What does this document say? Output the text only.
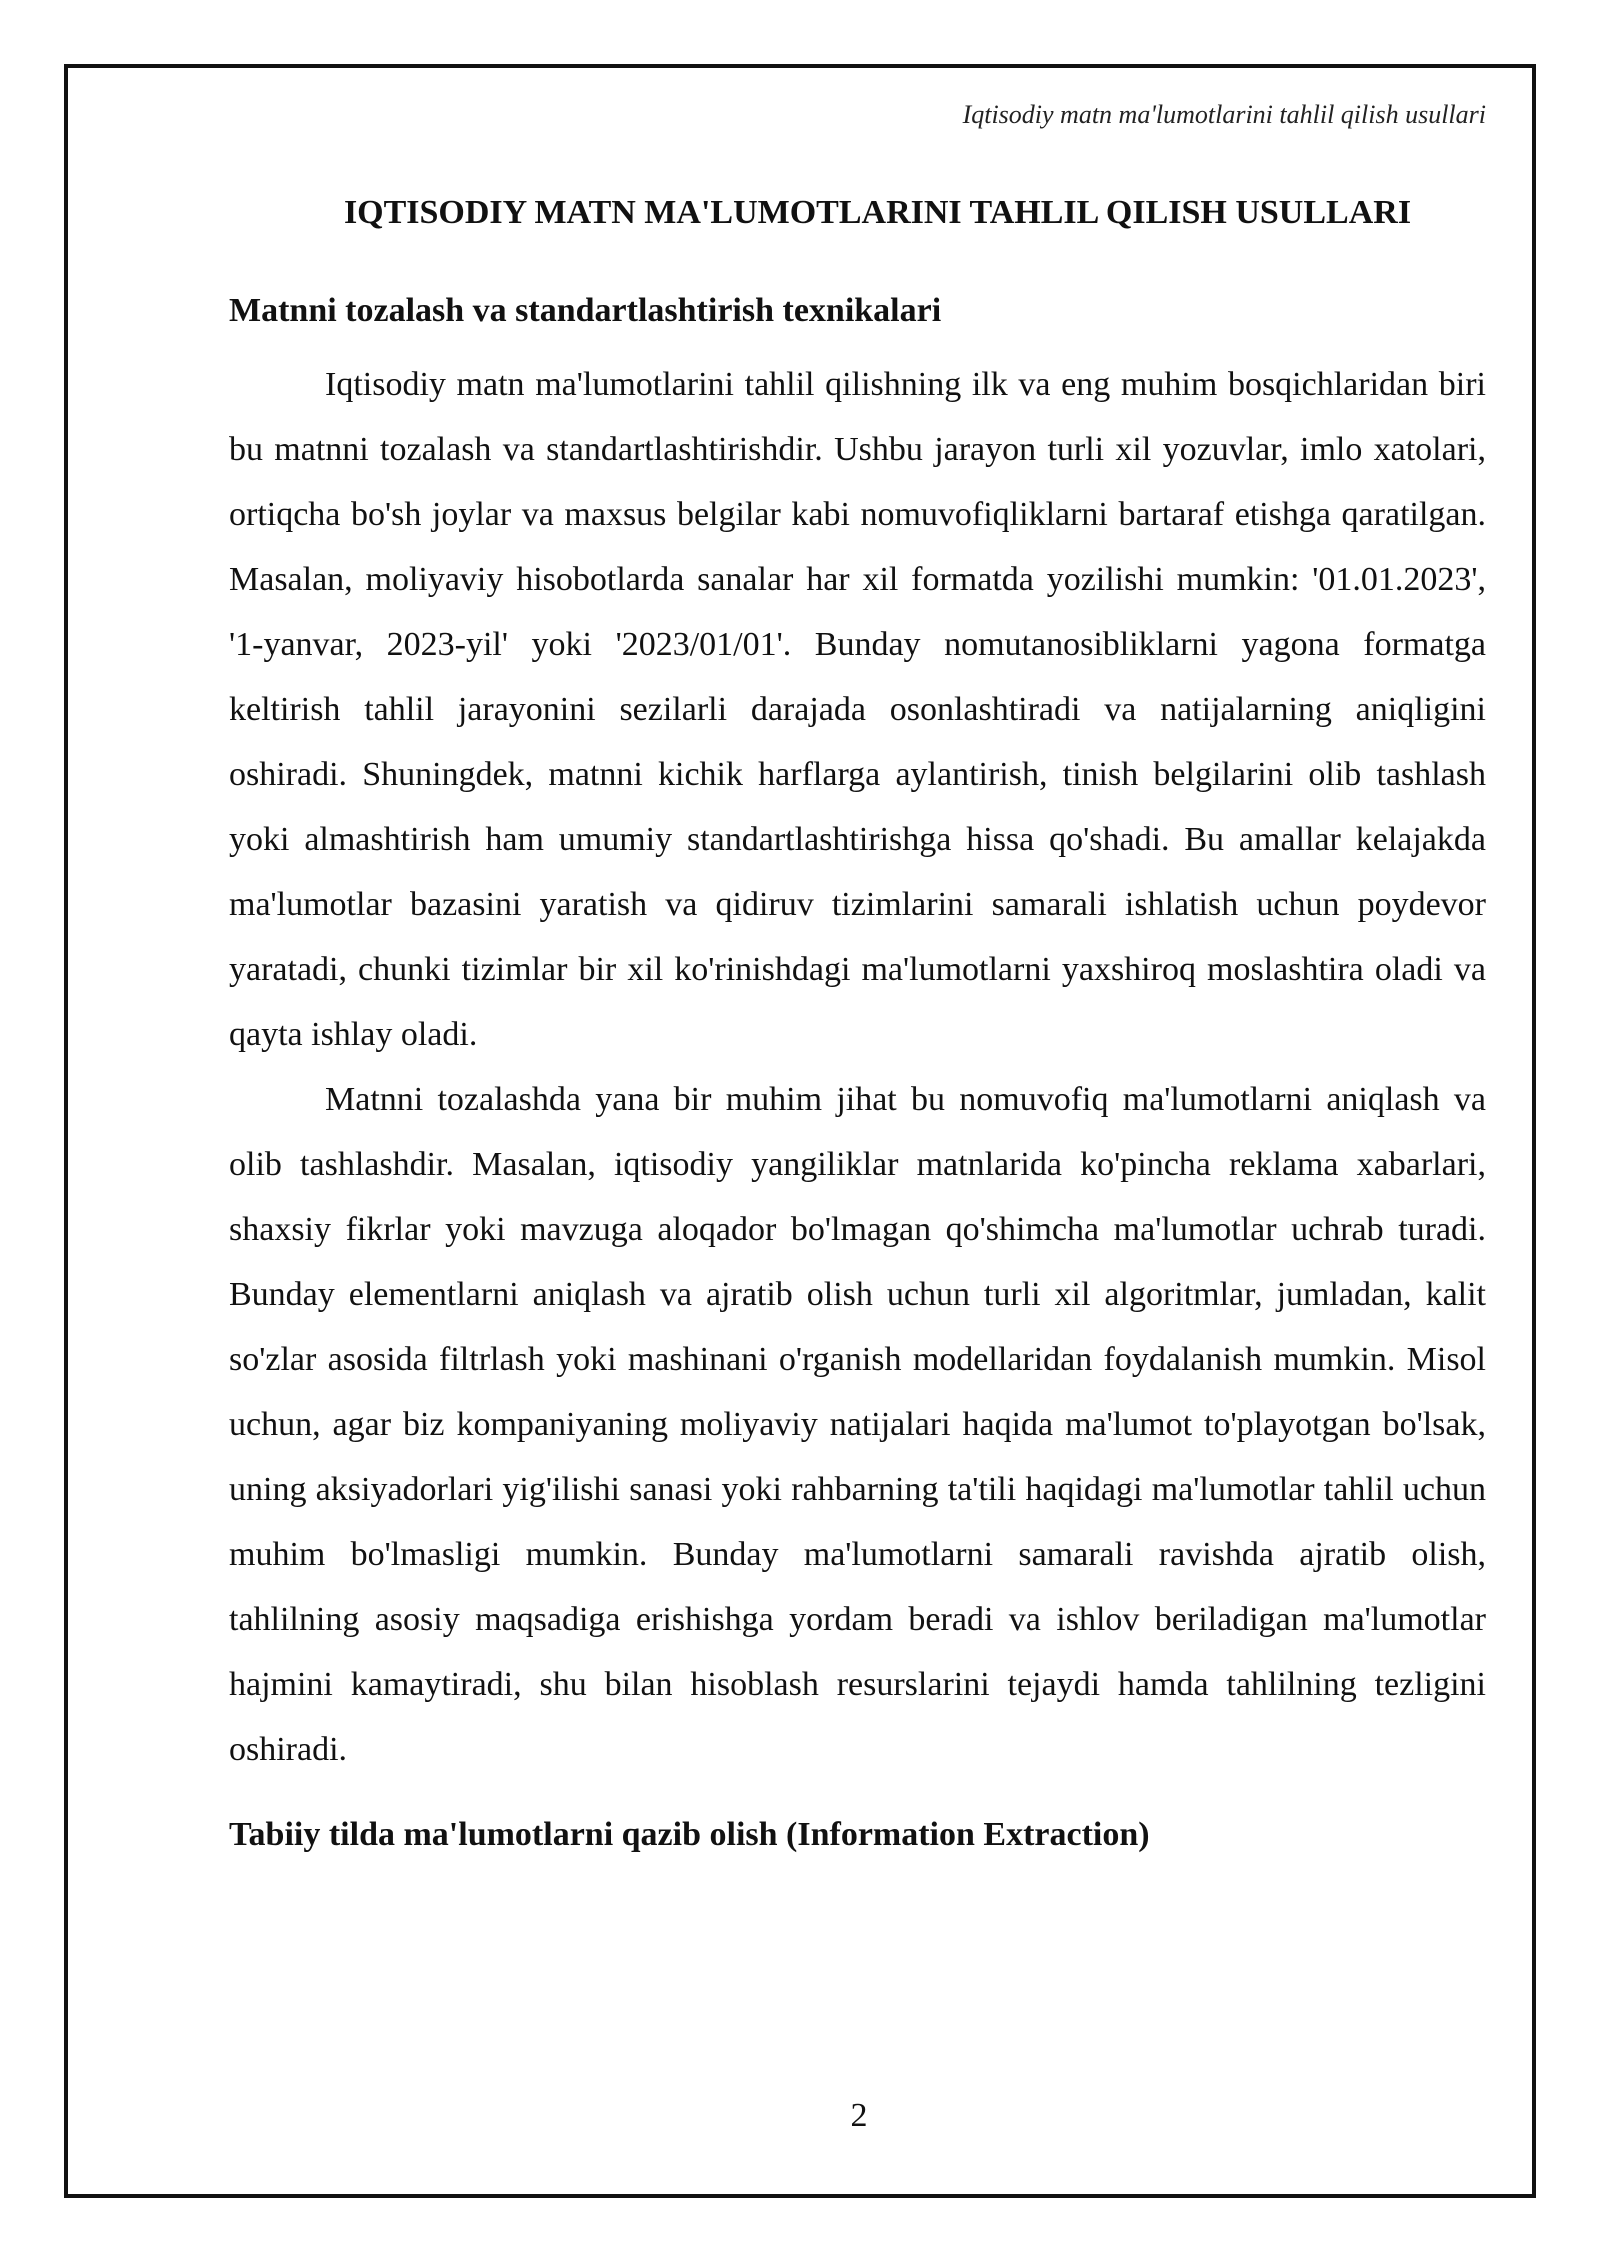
Iqtisodiy matn ma'lumotlarini tahlil qilish usullari
IQTISODIY MATN MA'LUMOTLARINI TAHLIL QILISH USULLARI
Matnni tozalash va standartlashtirish texnikalari

Iqtisodiy matn ma'lumotlarini tahlil qilishning ilk va eng muhim bosqichlaridan biri bu matnni tozalash va standartlashtirishdir. Ushbu jarayon turli xil yozuvlar, imlo xatolari, ortiqcha bo'sh joylar va maxsus belgilar kabi nomuvofiqliklarni bartaraf etishga qaratilgan. Masalan, moliyaviy hisobotlarda sanalar har xil formatda yozilishi mumkin: '01.01.2023', '1-yanvar, 2023-yil' yoki '2023/01/01'. Bunday nomutanosibliklarni yagona formatga keltirish tahlil jarayonini sezilarli darajada osonlashtiradi va natijalarning aniqligini oshiradi. Shuningdek, matnni kichik harflarga aylantirish, tinish belgilarini olib tashlash yoki almashtirish ham umumiy standartlashtirishga hissa qo'shadi. Bu amallar kelajakda ma'lumotlar bazasini yaratish va qidiruv tizimlarini samarali ishlatish uchun poydevor yaratadi, chunki tizimlar bir xil ko'rinishdagi ma'lumotlarni yaxshiroq moslashtira oladi va qayta ishlay oladi.

Matnni tozalashda yana bir muhim jihat bu nomuvofiq ma'lumotlarni aniqlash va olib tashlashdir. Masalan, iqtisodiy yangiliklar matnlarida ko'pincha reklama xabarlari, shaxsiy fikrlar yoki mavzuga aloqador bo'lmagan qo'shimcha ma'lumotlar uchrab turadi. Bunday elementlarni aniqlash va ajratib olish uchun turli xil algoritmlar, jumladan, kalit so'zlar asosida filtrlash yoki mashinani o'rganish modellaridan foydalanish mumkin. Misol uchun, agar biz kompaniyaning moliyaviy natijalari haqida ma'lumot to'playotgan bo'lsak, uning aksiyadorlari yig'ilishi sanasi yoki rahbarning ta'tili haqidagi ma'lumotlar tahlil uchun muhim bo'lmasligi mumkin. Bunday ma'lumotlarni samarali ravishda ajratib olish, tahlilning asosiy maqsadiga erishishga yordam beradi va ishlov beriladigan ma'lumotlar hajmini kamaytiradi, shu bilan hisoblash resurslarini tejaydi hamda tahlilning tezligini oshiradi.

Tabiiy tilda ma'lumotlarni qazib olish (Information Extraction)
2
